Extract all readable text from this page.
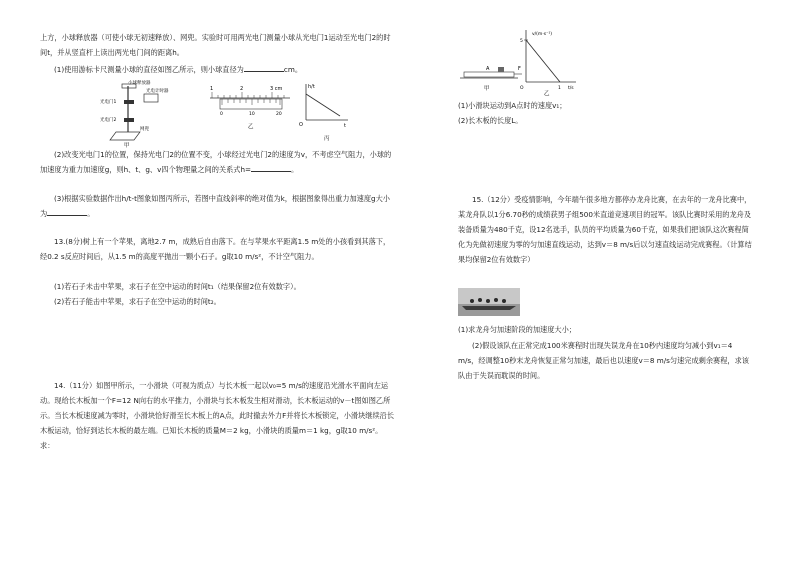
上方，小球释放器（可使小球无初速释放）、网兜。实验时可用两光电门测量小球从光电门1运动至光电门2的时间t，并从竖直杆上读出两光电门间的距离h。

(1)使用游标卡尺测量小球的直径如图乙所示，则小球直径为	cm。

小球释放器
光电门1
光电门2
光电计时器
网兜
甲
1	2	3 cm
0	10	20
乙
h/t
t
O
丙

(2)改变光电门1的位置，保持光电门2的位置不变，小球经过光电门2的速度为v，不考虑空气阻力，小球的加速度为重力加速度g，则h、t、g、v四个物理量之间的关系式h=	。

(3)根据实验数据作出h/t-t图象如图丙所示，若图中直线斜率的绝对值为k，根据图象得出重力加速度g大小为	。

13.(8分)树上有一个苹果，离地2.7 m，成熟后自由落下。在与苹果水平距离1.5 m处的小孩看到其落下，经0.2 s反应时间后，从1.5 m的高度平抛出一颗小石子。g取10 m/s²，不计空气阻力。

(1)若石子未击中苹果，求石子在空中运动的时间t₁（结果保留2位有效数字）。

(2)若石子能击中苹果，求石子在空中运动的时间t₂。

14.（11分）如图甲所示，一小滑块（可视为质点）与长木板一起以v₀=5 m/s的速度沿光滑水平面向左运动。现给长木板加一个F=12 N向右的水平推力，小滑块与长木板发生相对滑动，长木板运动的v－t图如图乙所示。当长木板速度减为零时，小滑块恰好滑至长木板上的A点，此时撤去外力F并将长木板锁定，小滑块继续沿长木板运动，恰好到达长木板的最左端。已知长木板的质量M＝2 kg，小滑块的质量m＝1 kg，g取10 m/s²。求：

A	F
甲
v/(m·s⁻¹)
5
1 t/s
O
乙

(1)小滑块运动到A点时的速度v₁；

(2)长木板的长度L。

15.（12分）受疫情影响，今年端午很多地方都停办龙舟比赛，在去年的一龙舟比赛中，某龙舟队以1分6.70秒的成绩获男子组500米直道竞速项目的冠军。该队比赛时采用的龙舟及装备质量为480千克，设12名选手，队员的平均质量为60千克，如果我们把该队这次赛程简化为先做初速度为零的匀加速直线运动，达到v＝8 m/s后以匀速直线运动完成赛程。（计算结果均保留2位有效数字）

(1)求龙舟匀加速阶段的加速度大小；

(2)假设该队在正常完成100米赛程时出现失误龙舟在10秒内速度均匀减小到v₁＝4 m/s，经调整10秒末龙舟恢复正常匀加速，最后也以速度v＝8 m/s匀速完成剩余赛程，求该队由于失误而耽误的时间。
